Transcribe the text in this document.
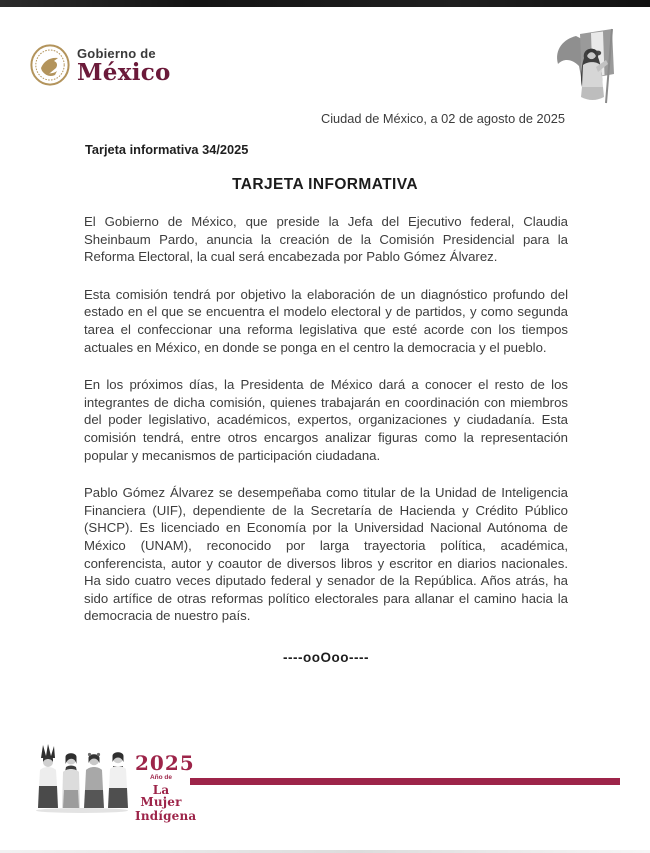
Gobierno de
México
Ciudad de México, a 02 de agosto de 2025
Tarjeta informativa 34/2025
TARJETA INFORMATIVA

El Gobierno de México, que preside la Jefa del Ejecutivo federal, Claudia Sheinbaum Pardo, anuncia la creación de la Comisión Presidencial para la Reforma Electoral, la cual será encabezada por Pablo Gómez Álvarez.

Esta comisión tendrá por objetivo la elaboración de un diagnóstico profundo del estado en el que se encuentra el modelo electoral y de partidos, y como segunda tarea el confeccionar una reforma legislativa que esté acorde con los tiempos actuales en México, en donde se ponga en el centro la democracia y el pueblo.

En los próximos días, la Presidenta de México dará a conocer el resto de los integrantes de dicha comisión, quienes trabajarán en coordinación con miembros del poder legislativo, académicos, expertos, organizaciones y ciudadanía. Esta comisión tendrá, entre otros encargos analizar figuras como la representación popular y mecanismos de participación ciudadana.

Pablo Gómez Álvarez se desempeñaba como titular de la Unidad de Inteligencia Financiera (UIF), dependiente de la Secretaría de Hacienda y Crédito Público (SHCP). Es licenciado en Economía por la Universidad Nacional Autónoma de México (UNAM), reconocido por larga trayectoria política, académica, conferencista, autor y coautor de diversos libros y escritor en diarios nacionales. Ha sido cuatro veces diputado federal y senador de la República. Años atrás, ha sido artífice de otras reformas político electorales para allanar el camino hacia la democracia de nuestro país.

----ooOoo----
2025
Año de
La Mujer
Indígena
